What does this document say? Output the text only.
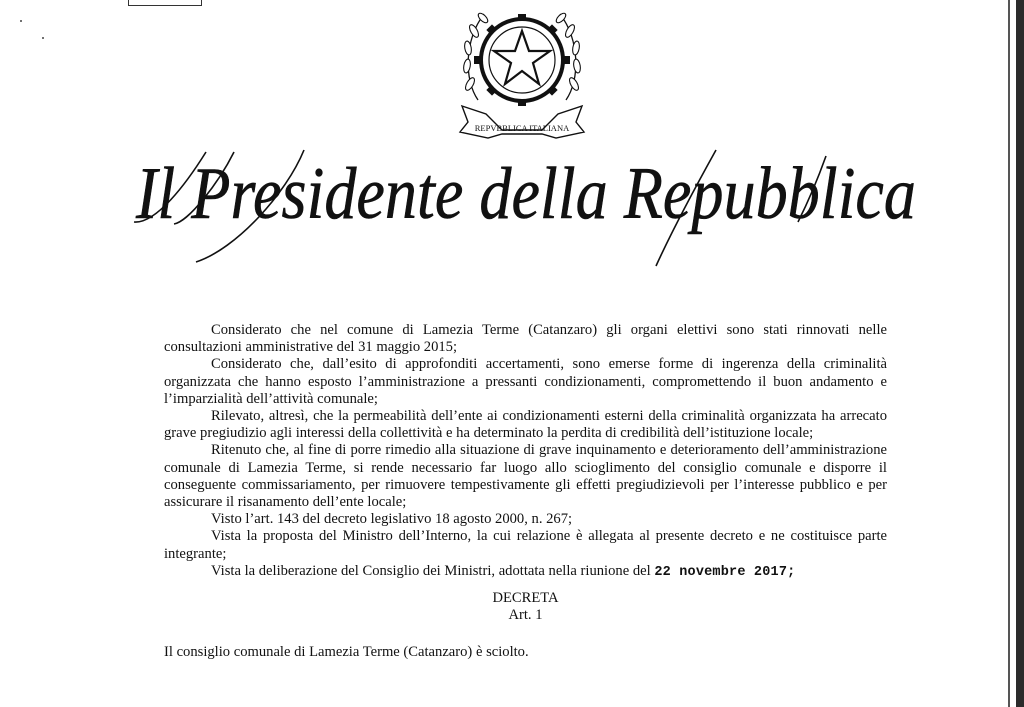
REPVBBLICA ITALIANA
Il Presidente della Repubblica

Considerato che nel comune di Lamezia Terme (Catanzaro) gli organi elettivi sono stati rinnovati nelle consultazioni amministrative del 31 maggio 2015;

Considerato che, dall’esito di approfonditi accertamenti, sono emerse forme di ingerenza della criminalità organizzata che hanno esposto l’amministrazione a pressanti condizionamenti, compromettendo il buon andamento e l’imparzialità dell’attività comunale;

Rilevato, altresì, che la permeabilità dell’ente ai condizionamenti esterni della criminalità organizzata ha arrecato grave pregiudizio agli interessi della collettività e ha determinato la perdita di credibilità dell’istituzione locale;

Ritenuto che, al fine di porre rimedio alla situazione di grave inquinamento e deterioramento dell’amministrazione comunale di Lamezia Terme, si rende necessario far luogo allo scioglimento del consiglio comunale e disporre il conseguente commissariamento, per rimuovere tempestivamente gli effetti pregiudizievoli per l’interesse pubblico e per assicurare il risanamento dell’ente locale;

Visto l’art. 143 del decreto legislativo 18 agosto 2000, n. 267;

Vista la proposta del Ministro dell’Interno, la cui relazione è allegata al presente decreto e ne costituisce parte integrante;

Vista la deliberazione del Consiglio dei Ministri, adottata nella riunione del 22 novembre 2017;

DECRETA

Art. 1

Il consiglio comunale di Lamezia Terme (Catanzaro) è sciolto.
